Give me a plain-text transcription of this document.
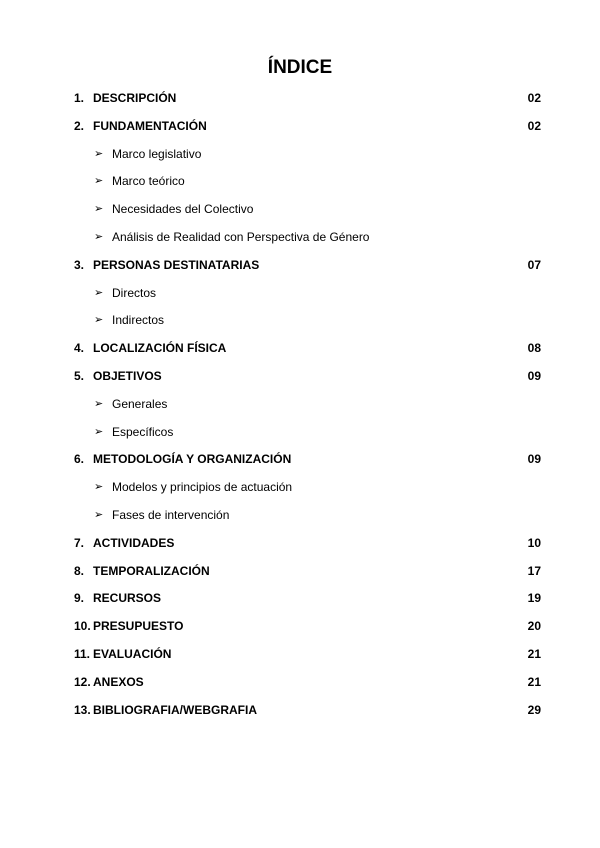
ÍNDICE
1. DESCRIPCIÓN	02
2. FUNDAMENTACIÓN	02
➢ Marco legislativo
➢ Marco teórico
➢ Necesidades del Colectivo
➢ Análisis de Realidad con Perspectiva de Género
3. PERSONAS DESTINATARIAS	07
➢ Directos
➢ Indirectos
4. LOCALIZACIÓN FÍSICA	08
5. OBJETIVOS	09
➢ Generales
➢ Específicos
6. METODOLOGÍA Y ORGANIZACIÓN	09
➢ Modelos y principios de actuación
➢ Fases de intervención
7. ACTIVIDADES	10
8. TEMPORALIZACIÓN	17
9. RECURSOS	19
10. PRESUPUESTO	20
11. EVALUACIÓN	21
12. ANEXOS	21
13. BIBLIOGRAFIA/WEBGRAFIA	29
